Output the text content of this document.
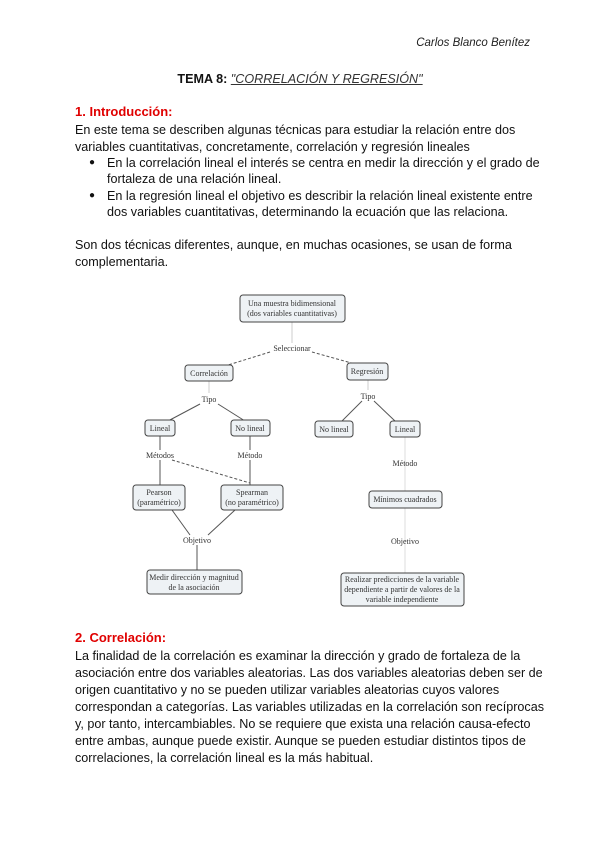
Carlos Blanco Benítez
TEMA 8: "CORRELACIÓN Y REGRESIÓN"
1. Introducción:
En este tema se describen algunas técnicas para estudiar la relación entre dos
variables cuantitativas, concretamente, correlación y regresión lineales
● En la correlación lineal el interés se centra en medir la dirección y el grado de
fortaleza de una relación lineal.
● En la regresión lineal el objetivo es describir la relación lineal existente entre
dos variables cuantitativas, determinando la ecuación que las relaciona.
Son dos técnicas diferentes, aunque, en muchas ocasiones, se usan de forma
complementaria.
Una muestra bidimensional
(dos variables cuantitativas)
Seleccionar
Correlación	Regresión
Tipo	Tipo
Lineal	No lineal	No lineal	Lineal
Métodos	Método
Método
Pearson
(paramétrico)
Spearman
(no paramétrico)	Mínimos cuadrados
Objetivo	Objetivo
Medir dirección y magnitud
de la asociación
Realizar predicciones de la variable
dependiente a partir de valores de la
variable independiente
2. Correlación:
La finalidad de la correlación es examinar la dirección y grado de fortaleza de la
asociación entre dos variables aleatorias. Las dos variables aleatorias deben ser de
origen cuantitativo y no se pueden utilizar variables aleatorias cuyos valores
correspondan a categorías. Las variables utilizadas en la correlación son recíprocas
y, por tanto, intercambiables. No se requiere que exista una relación causa-efecto
entre ambas, aunque puede existir. Aunque se pueden estudiar distintos tipos de
correlaciones, la correlación lineal es la más habitual.
